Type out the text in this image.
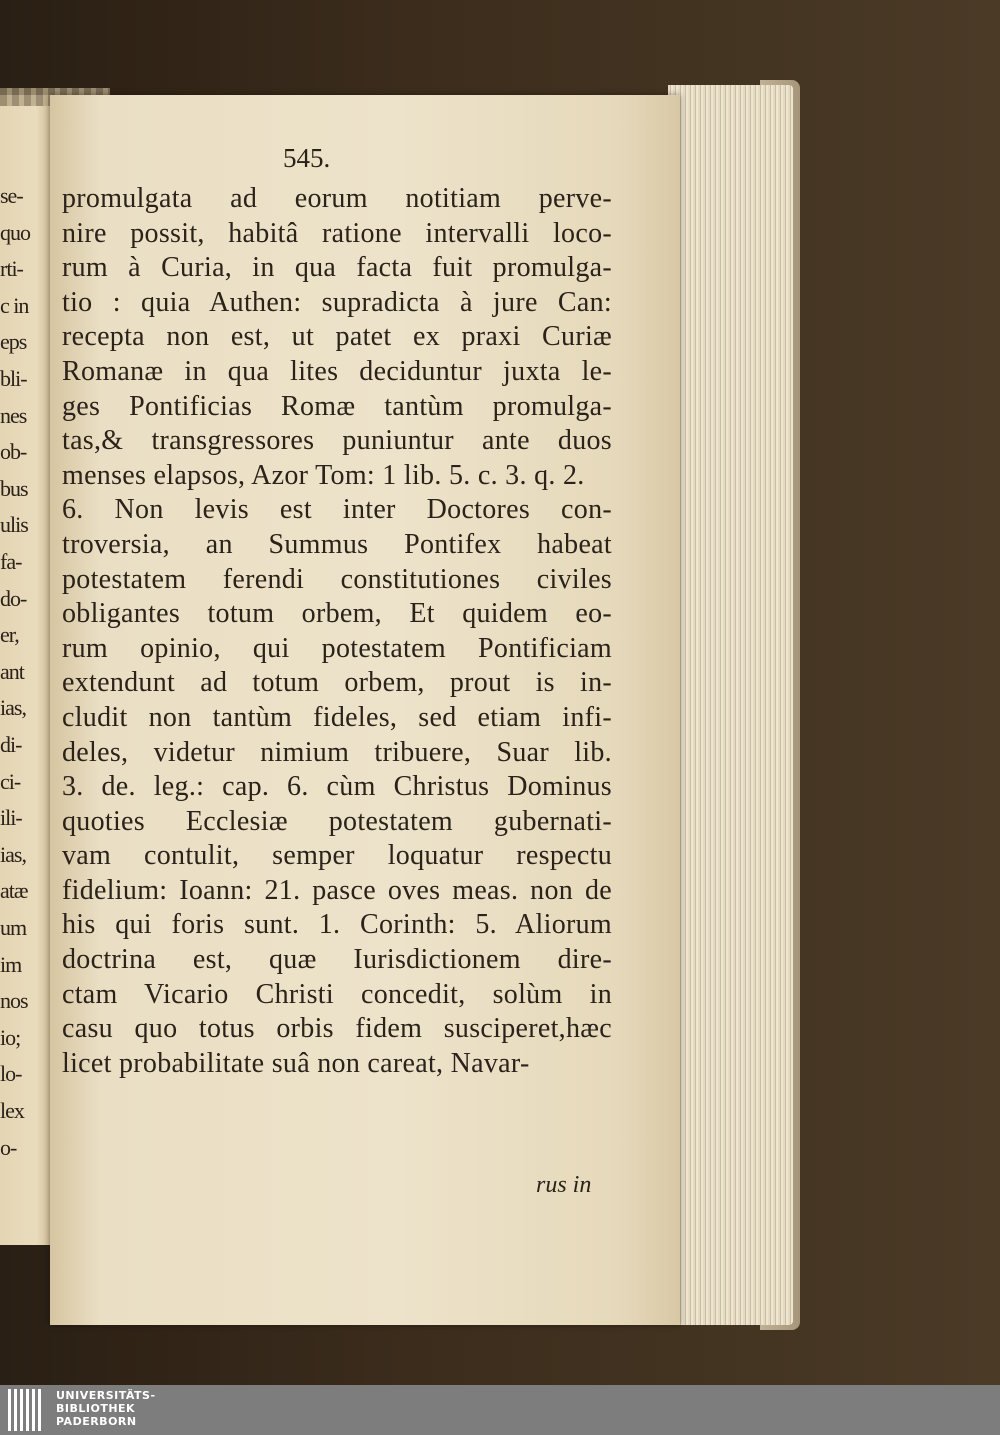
se-
quo
rti-
c in
eps
bli-
nes
ob-
bus
ulis
fa-
do-
er,
ant
ias,
di-
ci-
ili-
ias,
atæ
um
im
nos
io;
lo-
lex
o-
545.
promulgata ad eorum notitiam perve-
nire possit, habitâ ratione intervalli loco-
rum à Curia, in qua facta fuit promulga-
tio : quia Authen: supradicta à jure Can:
recepta non est, ut patet ex praxi Curiæ
Romanæ in qua lites deciduntur juxta le-
ges Pontificias Romæ tantùm promulga-
tas,& transgressores puniuntur ante duos
menses elapsos, Azor Tom: 1 lib. 5. c. 3. q. 2.
6. Non levis est inter Doctores con-
troversia, an Summus Pontifex habeat
potestatem ferendi constitutiones civiles
obligantes totum orbem, Et quidem eo-
rum opinio, qui potestatem Pontificiam
extendunt ad totum orbem, prout is in-
cludit non tantùm fideles, sed etiam infi-
deles, videtur nimium tribuere, Suar lib.
3. de. leg.: cap. 6. cùm Christus Dominus
quoties Ecclesiæ potestatem gubernati-
vam contulit, semper loquatur respectu
fidelium: Ioann: 21. pasce oves meas. non de
his qui foris sunt. 1. Corinth: 5. Aliorum
doctrina est, quæ Iurisdictionem dire-
ctam Vicario Christi concedit, solùm in
casu quo totus orbis fidem susciperet,hæc
licet probabilitate suâ non careat, Navar-
rus in
UNIVERSITÄTS-
BIBLIOTHEK
PADERBORN
